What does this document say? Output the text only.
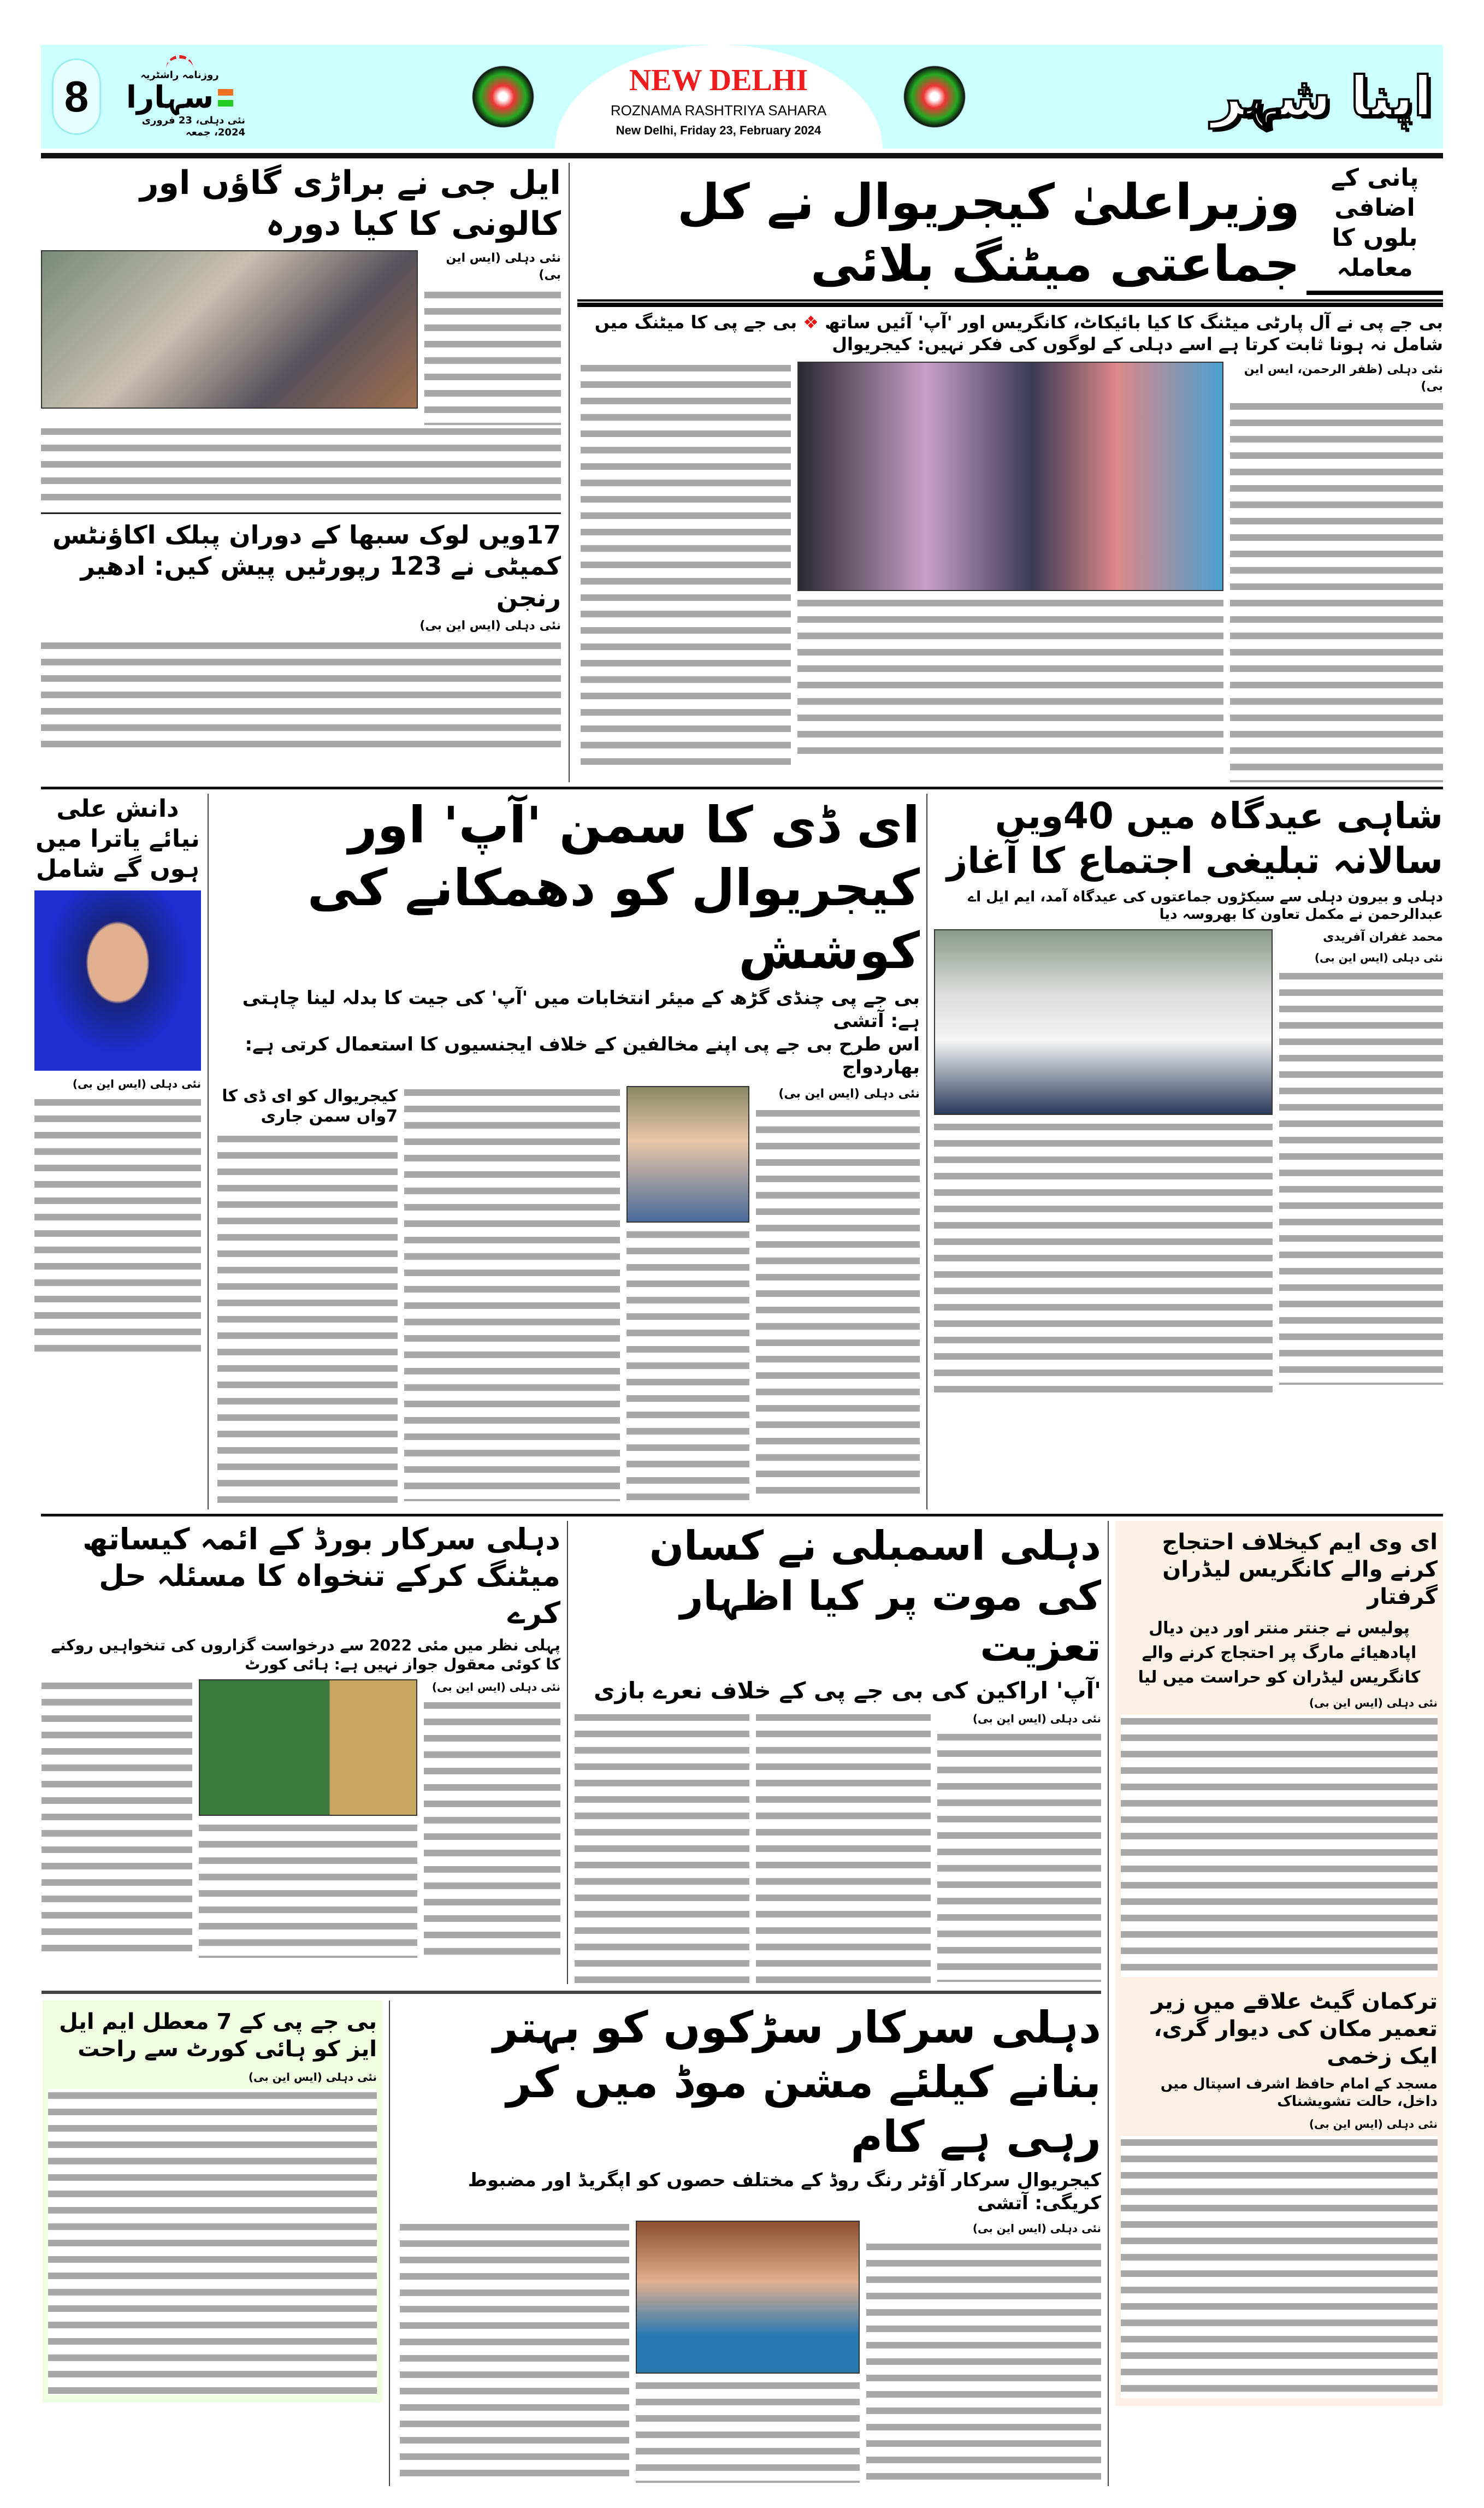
8	روزنامہ راشٹریہ
سہارا
نئی دہلی، 23 فروری 2024، جمعہ
NEW DELHI
ROZNAMA RASHTRIYA SAHARA
New Delhi, Friday 23, February 2024
اپنا شہر
پانی کے اضافی بلوں کا معاملہ
وزیراعلیٰ کیجریوال نے کل جماعتی میٹنگ بلائی
بی جے پی نے آل پارٹی میٹنگ کا کیا بائیکاٹ، کانگریس اور 'آپ' آئیں ساتھ ❖ بی جے پی کا میٹنگ میں شامل نہ ہونا ثابت کرتا ہے اسے دہلی کے لوگوں کی فکر نہیں: کیجریوال
نئی دہلی (ظفر الرحمن، ایس این بی)
ایل جی نے براڑی گاؤں اور کالونی کا کیا دورہ
نئی دہلی (ایس این بی)
17ویں لوک سبھا کے دوران پبلک اکاؤنٹس کمیٹی نے 123 رپورٹیں پیش کیں: ادھیر رنجن
نئی دہلی (ایس این بی)
شاہی عیدگاہ میں 40ویں سالانہ تبلیغی اجتماع کا آغاز
دہلی و بیرون دہلی سے سیکڑوں جماعتوں کی عیدگاہ آمد، ایم ایل اے عبدالرحمن نے مکمل تعاون کا بھروسہ دیا
محمد غفران آفریدی
نئی دہلی (ایس این بی)
ای ڈی کا سمن 'آپ' اور کیجریوال کو دھمکانے کی کوشش
بی جے پی چنڈی گڑھ کے میئر انتخابات میں 'آپ' کی جیت کا بدلہ لینا چاہتی ہے: آتشی
اس طرح بی جے پی اپنے مخالفین کے خلاف ایجنسیوں کا استعمال کرتی ہے: بھاردواج
نئی دہلی (ایس این بی)
کیجریوال کو ای ڈی کا 7واں سمن جاری
دانش علی نیائے یاترا میں ہوں گے شامل
نئی دہلی (ایس این بی)
ای وی ایم کیخلاف احتجاج کرنے والے کانگریس لیڈران گرفتار
پولیس نے جنتر منتر اور دین دیال اپادھیائے مارگ پر احتجاج کرنے والے کانگریس لیڈران کو حراست میں لیا
نئی دہلی (ایس این بی)
ترکمان گیٹ علاقے میں زیر تعمیر مکان کی دیوار گری، ایک زخمی
مسجد کے امام حافظ اشرف اسپتال میں داخل، حالت تشویشناک
نئی دہلی (ایس این بی)
دہلی اسمبلی نے کسان کی موت پر کیا اظہار تعزیت
'آپ' اراکین کی بی جے پی کے خلاف نعرے بازی
نئی دہلی (ایس این بی)
دہلی سرکار بورڈ کے ائمہ کیساتھ میٹنگ کرکے تنخواہ کا مسئلہ حل کرے
پہلی نظر میں مئی 2022 سے درخواست گزاروں کی تنخواہیں روکنے کا کوئی معقول جواز نہیں ہے: ہائی کورٹ
نئی دہلی (ایس این بی)
دہلی سرکار سڑکوں کو بہتر بنانے کیلئے مشن موڈ میں کر رہی ہے کام
کیجریوال سرکار آؤٹر رنگ روڈ کے مختلف حصوں کو اپگریڈ اور مضبوط کریگی: آتشی
نئی دہلی (ایس این بی)
بی جے پی کے 7 معطل ایم ایل ایز کو ہائی کورٹ سے راحت
نئی دہلی (ایس این بی)
